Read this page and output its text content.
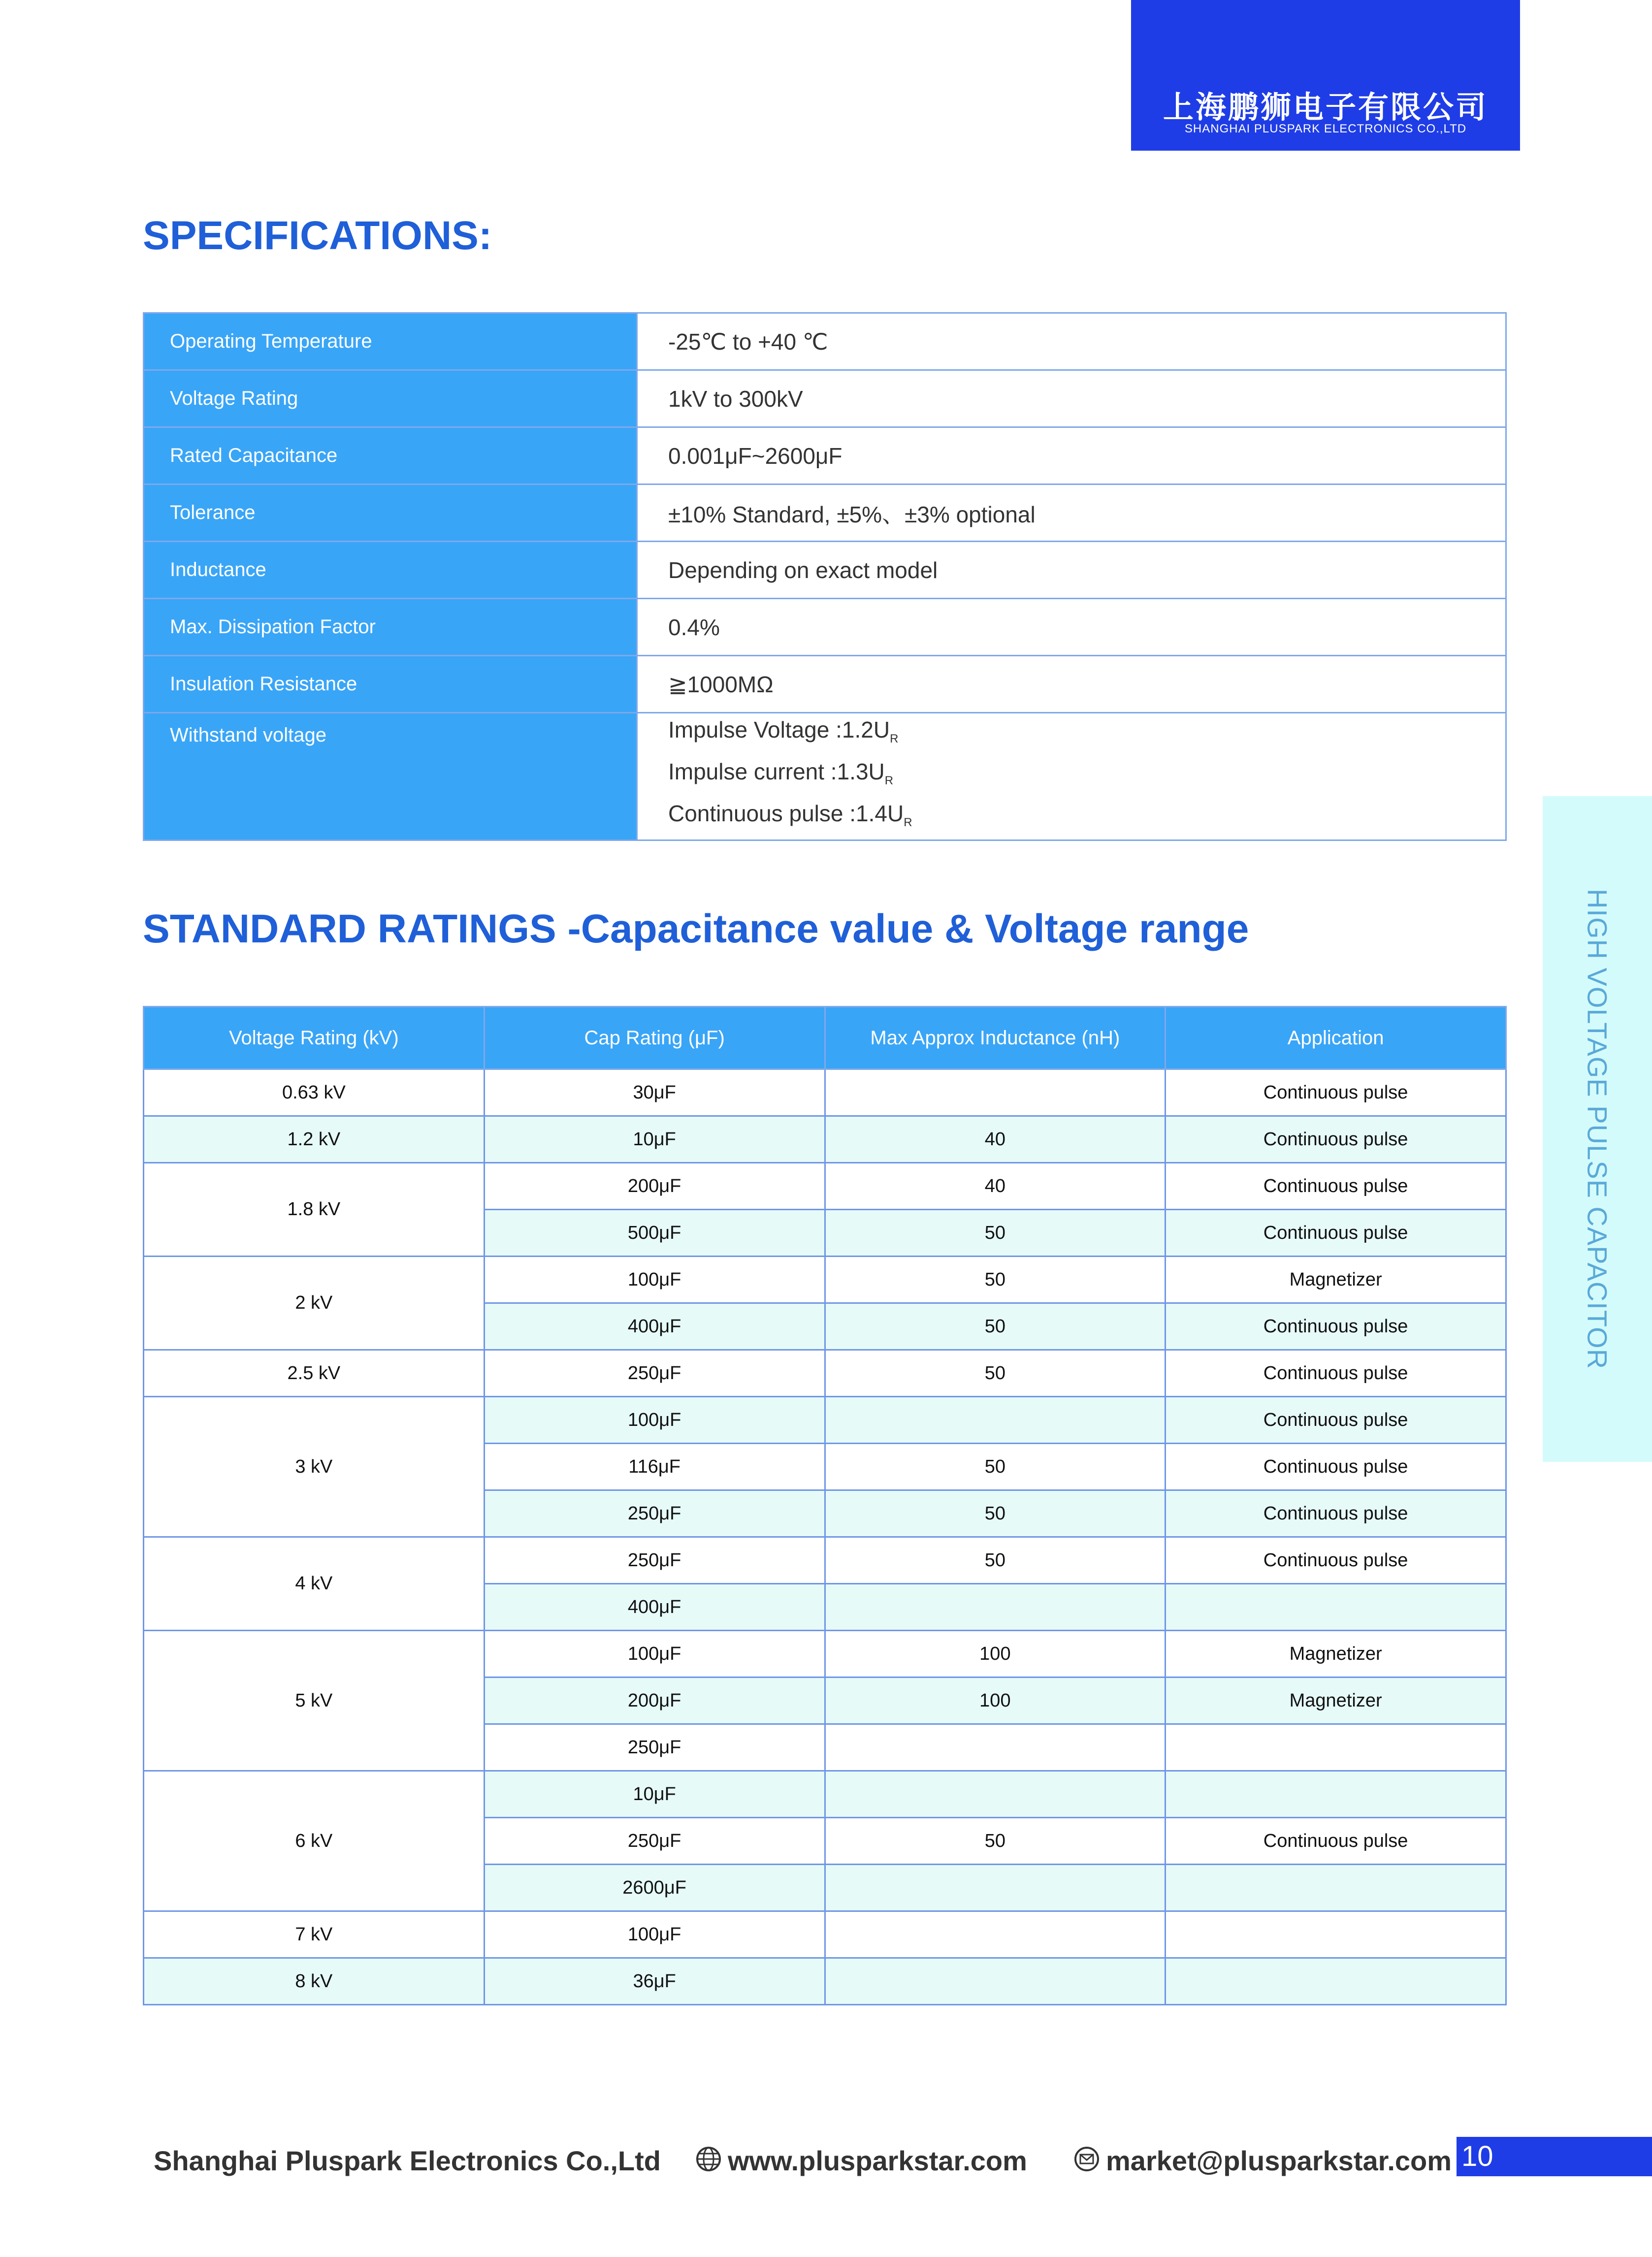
上海鹏狮电子有限公司
SHANGHAI PLUSPARK ELECTRONICS CO.,LTD
HIGH VOLTAGE PULSE CAPACITOR
SPECIFICATIONS:
Operating Temperature	-25℃ to +40 ℃
Voltage Rating	1kV to 300kV
Rated Capacitance	0.001μF~2600μF
Tolerance	±10% Standard, ±5%、±3% optional
Inductance	Depending on exact model
Max. Dissipation Factor	0.4%
Insulation Resistance	≧1000MΩ
Withstand voltage	Impulse Voltage $:1.2U_R$
Impulse current $:1.3U_R$
Continuous pulse $:1.4U_R$
STANDARD RATINGS -Capacitance value & Voltage range
Voltage Rating (kV)	Cap Rating (μF)	Max Approx Inductance (nH)	Application
0.63 kV	30μF		Continuous pulse
1.2 kV	10μF	40	Continuous pulse
1.8 kV	200μF	40	Continuous pulse
	500μF	50	Continuous pulse
2 kV	100μF	50	Magnetizer
	400μF	50	Continuous pulse
2.5 kV	250μF	50	Continuous pulse
3 kV	100μF		Continuous pulse
	116μF	50	Continuous pulse
	250μF	50	Continuous pulse
4 kV	250μF	50	Continuous pulse
	400μF		
5 kV	100μF	100	Magnetizer
	200μF	100	Magnetizer
	250μF		
6 kV	10μF		
	250μF	50	Continuous pulse
	2600μF		
7 kV	100μF		
8 kV	36μF		
Shanghai Pluspark Electronics Co.,Ltd	www.plusparkstar.com	market@plusparkstar.com 10
